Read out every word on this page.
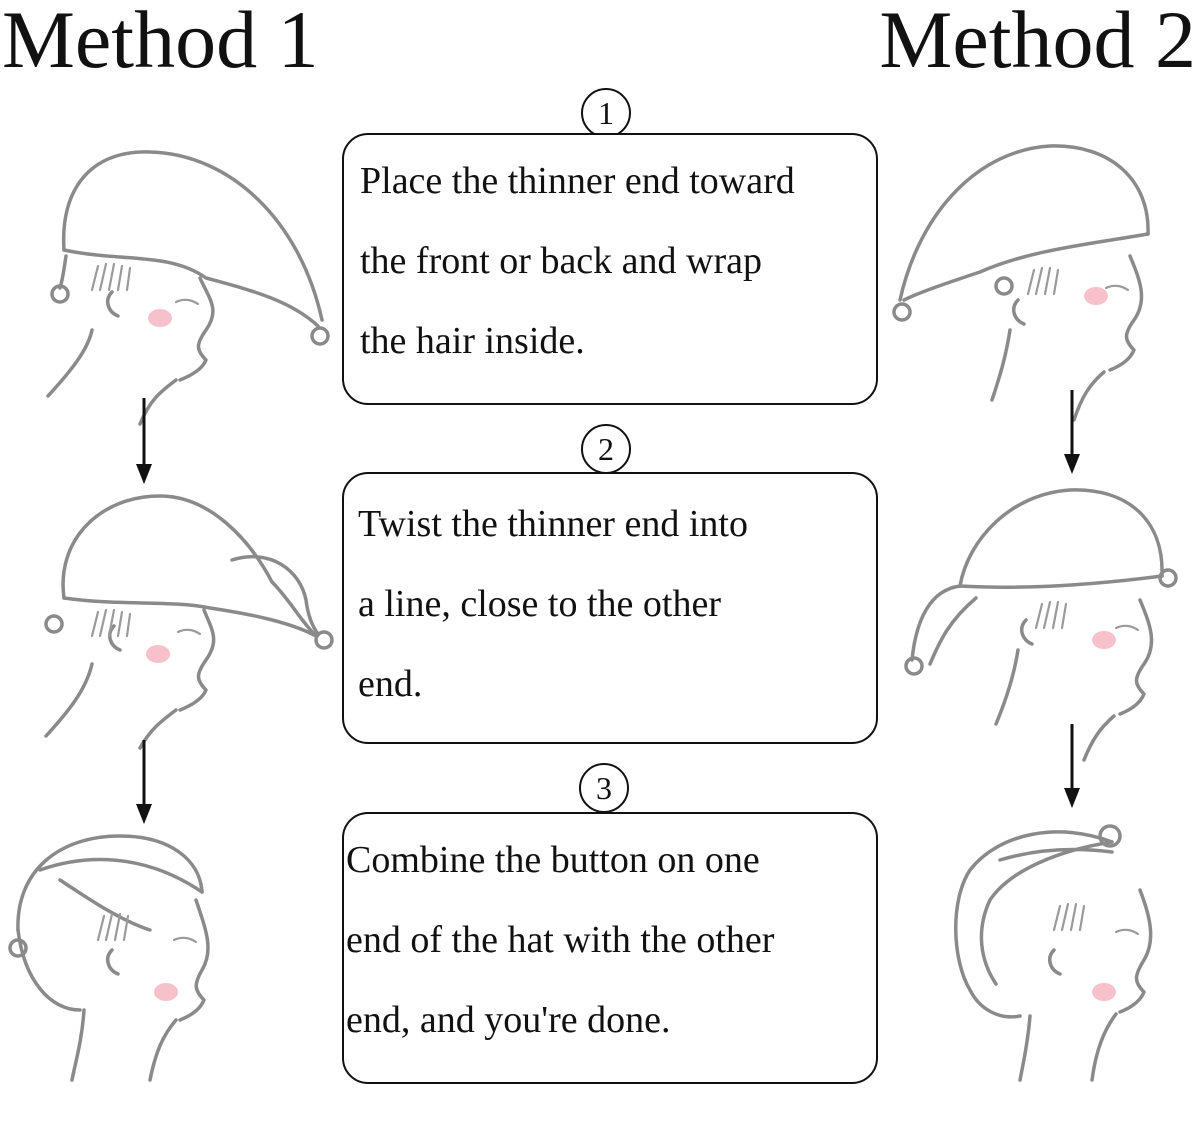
Method 1	Method 2
1
2
3
Place the thinner end toward
the front or back and wrap
the hair inside.
Twist the thinner end into
a line, close to the other
end.
Combine the button on one
end of the hat with the other
end, and you're done.
